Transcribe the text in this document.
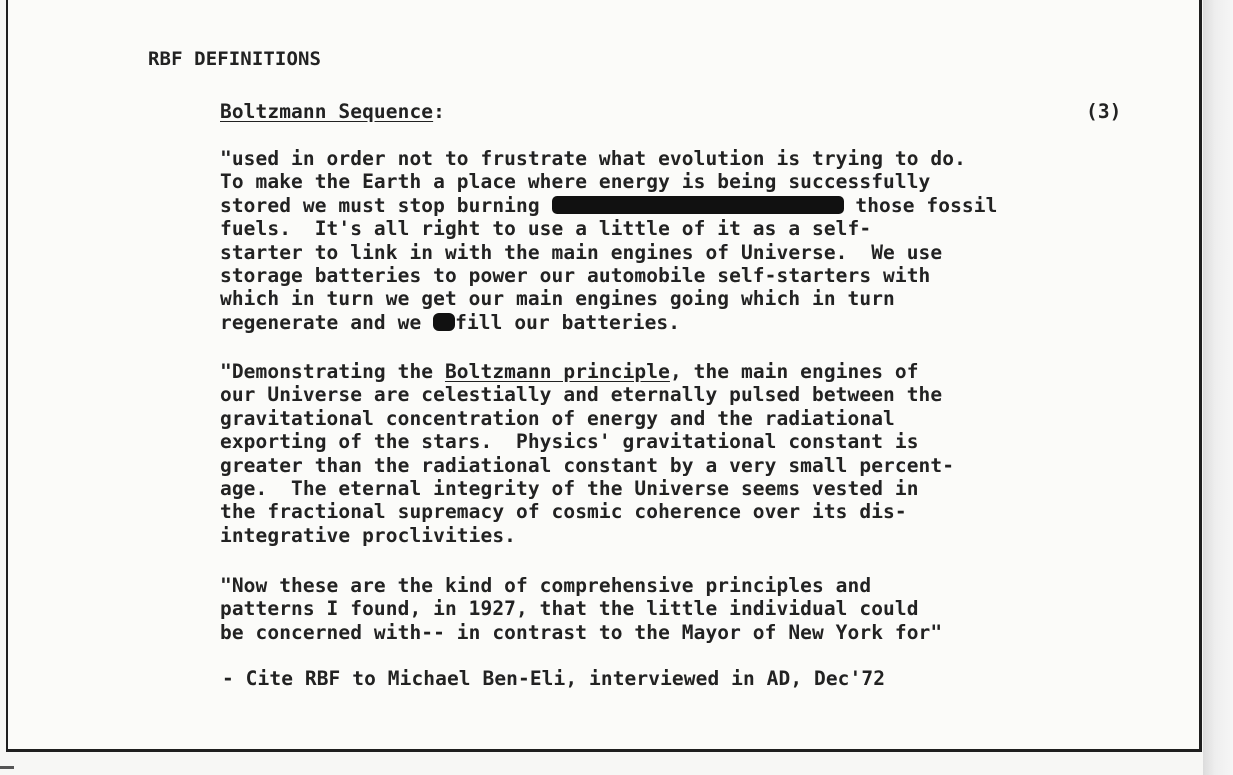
RBF DEFINITIONS
Boltzmann Sequence:	(3)
"used in order not to frustrate what evolution is trying to do.
To make the Earth a place where energy is being successfully
stored we must stop burning	those fossil
fuels.  It's all right to use a little of it as a self-
starter to link in with the main engines of Universe.  We use
storage batteries to power our automobile self-starters with
which in turn we get our main engines going which in turn
regenerate and we fill our batteries.
"Demonstrating the Boltzmann principle, the main engines of
our Universe are celestially and eternally pulsed between the
gravitational concentration of energy and the radiational
exporting of the stars.  Physics' gravitational constant is
greater than the radiational constant by a very small percent-
age.  The eternal integrity of the Universe seems vested in
the fractional supremacy of cosmic coherence over its dis-
integrative proclivities.
"Now these are the kind of comprehensive principles and
patterns I found, in 1927, that the little individual could
be concerned with-- in contrast to the Mayor of New York for"
- Cite RBF to Michael Ben-Eli, interviewed in AD, Dec'72
